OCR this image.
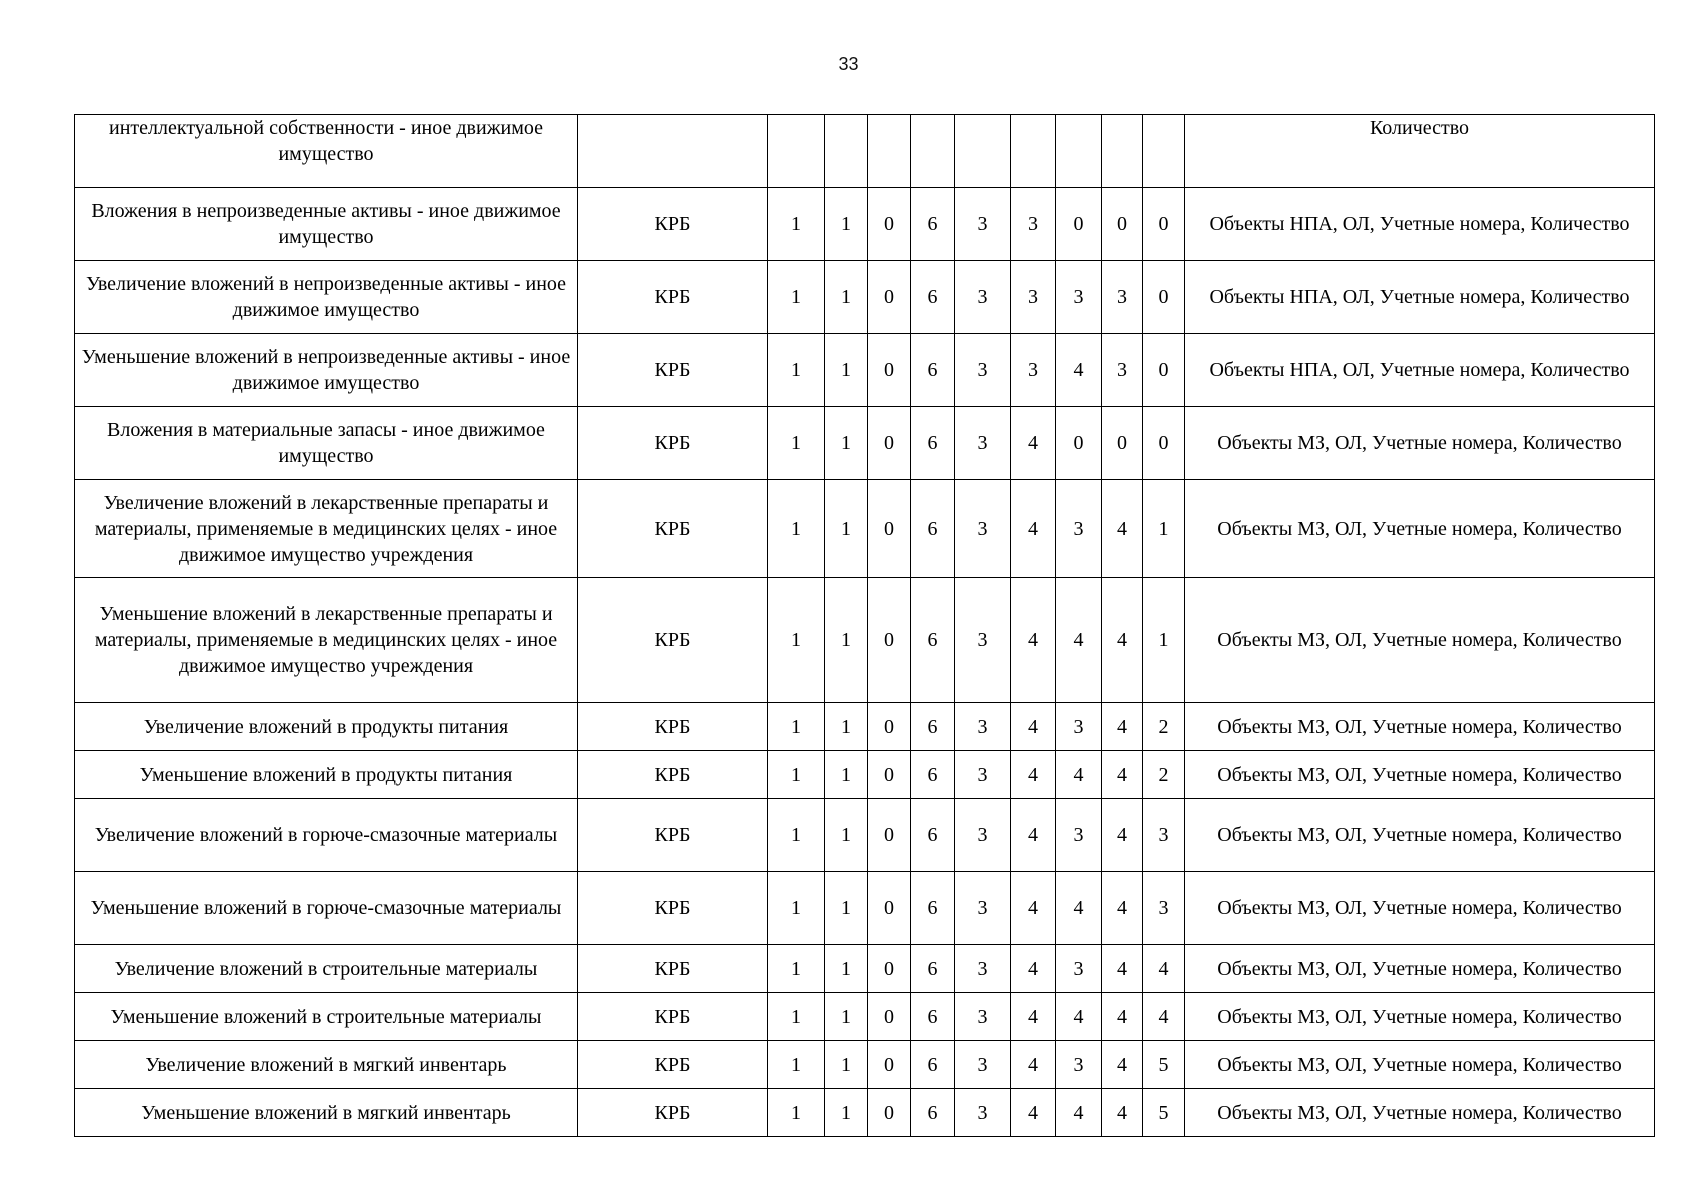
33
интеллектуальной собственности - иное движимое имущество											Количество
Вложения в непроизведенные активы - иное движимое имущество	КРБ	1	1	0	6	3	3	0	0	0	Объекты НПА, ОЛ, Учетные номера, Количество
Увеличение вложений в непроизведенные активы - иное движимое имущество	КРБ	1	1	0	6	3	3	3	3	0	Объекты НПА, ОЛ, Учетные номера, Количество
Уменьшение вложений в непроизведенные активы - иное движимое имущество	КРБ	1	1	0	6	3	3	4	3	0	Объекты НПА, ОЛ, Учетные номера, Количество
Вложения в материальные запасы - иное движимое имущество	КРБ	1	1	0	6	3	4	0	0	0	Объекты МЗ, ОЛ, Учетные номера, Количество
Увеличение вложений в лекарственные препараты и материалы, применяемые в медицинских целях - иное движимое имущество учреждения	КРБ	1	1	0	6	3	4	3	4	1	Объекты МЗ, ОЛ, Учетные номера, Количество
Уменьшение вложений в лекарственные препараты и материалы, применяемые в медицинских целях - иное движимое имущество учреждения	КРБ	1	1	0	6	3	4	4	4	1	Объекты МЗ, ОЛ, Учетные номера, Количество
Увеличение вложений в продукты питания	КРБ	1	1	0	6	3	4	3	4	2	Объекты МЗ, ОЛ, Учетные номера, Количество
Уменьшение вложений в продукты питания	КРБ	1	1	0	6	3	4	4	4	2	Объекты МЗ, ОЛ, Учетные номера, Количество
Увеличение вложений в горюче-смазочные материалы	КРБ	1	1	0	6	3	4	3	4	3	Объекты МЗ, ОЛ, Учетные номера, Количество
Уменьшение вложений в горюче-смазочные материалы	КРБ	1	1	0	6	3	4	4	4	3	Объекты МЗ, ОЛ, Учетные номера, Количество
Увеличение вложений в строительные материалы	КРБ	1	1	0	6	3	4	3	4	4	Объекты МЗ, ОЛ, Учетные номера, Количество
Уменьшение вложений в строительные материалы	КРБ	1	1	0	6	3	4	4	4	4	Объекты МЗ, ОЛ, Учетные номера, Количество
Увеличение вложений в мягкий инвентарь	КРБ	1	1	0	6	3	4	3	4	5	Объекты МЗ, ОЛ, Учетные номера, Количество
Уменьшение вложений в мягкий инвентарь	КРБ	1	1	0	6	3	4	4	4	5	Объекты МЗ, ОЛ, Учетные номера, Количество
